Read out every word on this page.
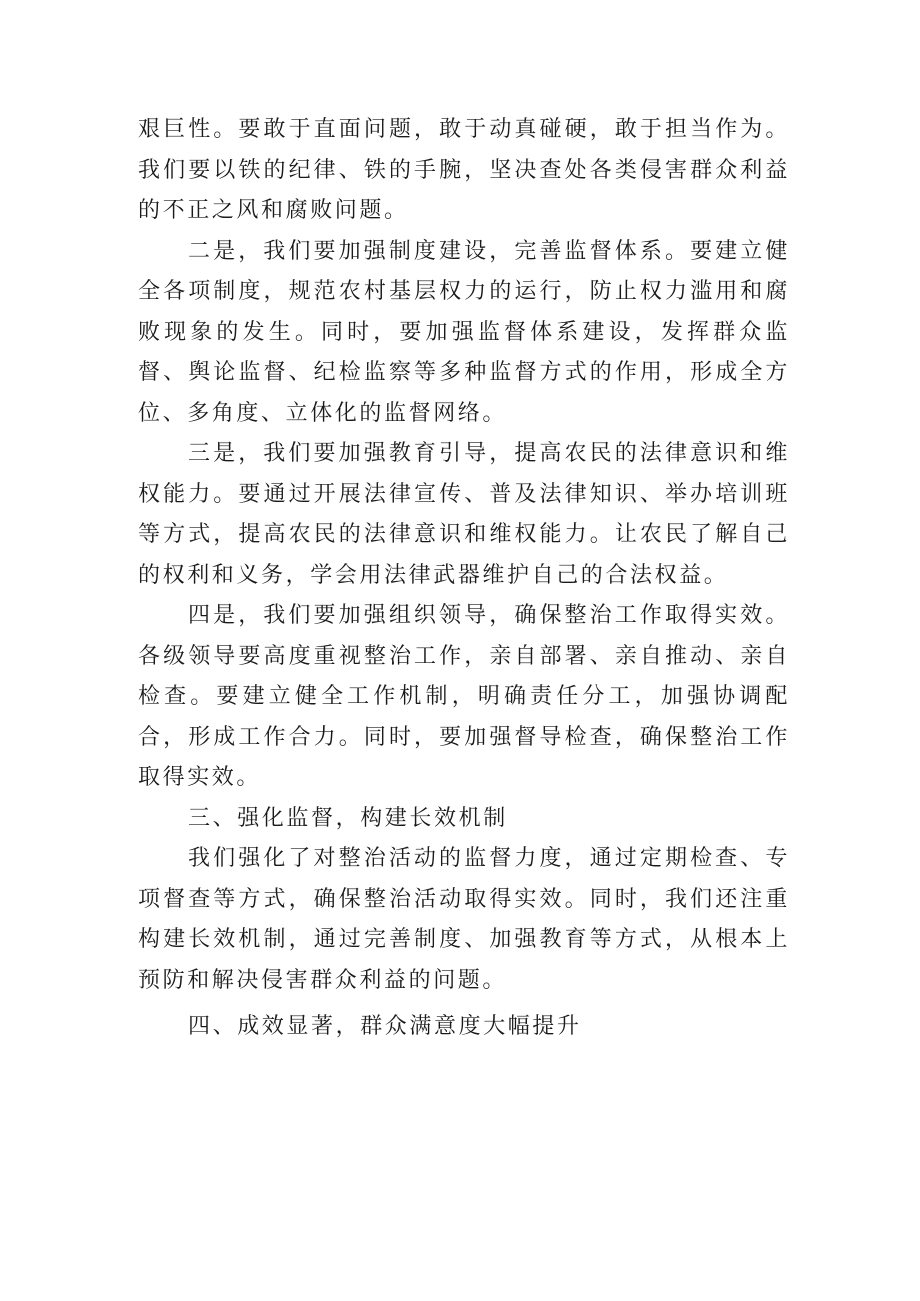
艰巨性。要敢于直面问题，敢于动真碰硬，敢于担当作为。我们要以铁的纪律、铁的手腕，坚决查处各类侵害群众利益的不正之风和腐败问题。

二是，我们要加强制度建设，完善监督体系。要建立健全各项制度，规范农村基层权力的运行，防止权力滥用和腐败现象的发生。同时，要加强监督体系建设，发挥群众监督、舆论监督、纪检监察等多种监督方式的作用，形成全方位、多角度、立体化的监督网络。

三是，我们要加强教育引导，提高农民的法律意识和维权能力。要通过开展法律宣传、普及法律知识、举办培训班等方式，提高农民的法律意识和维权能力。让农民了解自己的权利和义务，学会用法律武器维护自己的合法权益。

四是，我们要加强组织领导，确保整治工作取得实效。各级领导要高度重视整治工作，亲自部署、亲自推动、亲自检查。要建立健全工作机制，明确责任分工，加强协调配合，形成工作合力。同时，要加强督导检查，确保整治工作取得实效。

三、强化监督，构建长效机制

我们强化了对整治活动的监督力度，通过定期检查、专项督查等方式，确保整治活动取得实效。同时，我们还注重构建长效机制，通过完善制度、加强教育等方式，从根本上预防和解决侵害群众利益的问题。

四、成效显著，群众满意度大幅提升
